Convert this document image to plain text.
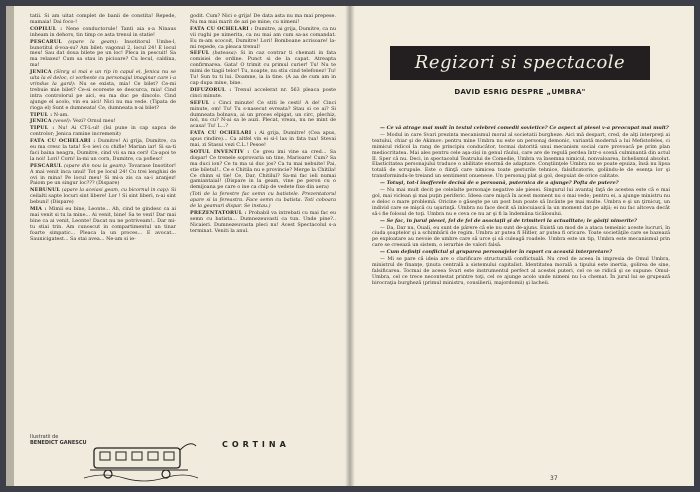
tatii. Si am uitat complet de banii de constita! Repede, mamaia! Dai foco-!

COPILUL : Nene conductorule! Tanti aia s-a Ninaus inheam in dehors, tin timp ce asta trenul in statie!

PESCARUL (spare la geam): Insotitorul Umbe-l, bunotitul d-voa-su? Am bilet: vagonul 2, locul 24! E locul meu! Sau dat doua bilete pe un loc! Pleca in pescuit! Sa ma relaxez! Cum sa stau in picioare? Cu lecul, caldina, ma!

JENICA (Sinrg si mai e un rip in capul ei, Jenica nu se uita la el deloc, ci vorbeste cu personajul imaginar care i-a vrindus la gard): Nu se exista, mia! Ce bilet? Ce-mi trebuie mie bilet? Ce-si ecoreste se descurca, mia! Cind intra controlorul pe aici, eu ma duc pe dincolo. Cind ajunge el acolo, vin eu aici! Nici nu ma vede. (Tipata de rioga el) Sunt e dumneata! Ce, dumneata n-ai bilet?

TIPUL : N-am.

JENICA (vesel): Vezi? Ornul meu!

TIPUL : Nu! Ai CT-L-ul! (Isi pune in cap sapca de controlor; Jenica ramine incremenit)

FATA CU OCHELARI : Dumitre! Ai grija, Dumitre, ca eu ma cresc la tata! S-o ievi cu chifle! Marian iar! Si sa-ti faci baina neagra, Dumitre, cind vii sa ma ceri! Ca-apoi te la noi! Lori! Corn! la-mi un corn, Dumitre, ca pofiesc!

PESCARUL (spare din nou la geam): Tovarase Insotitor! A mai venit inca unul! Tot pe locul 24! Cu trei lenghisi de ovi in mina! Pe locul meu! Si mi-a zis ca sa-i aranjez! Paiom pe un singur loc??? (Dispare)

NEBUNUL (apare la aceiasi geam, cu bicornul in cap): Si ceilalti sapte locuri sint libere! Lor ! Si sint liberi, n-ai sint bebuni! (Dispare)

MIA : Mimii eu bine, Leonte... Ah, cind te gindesc ca ai mai venit si tu la mine... Ai venit, bine! Sa te vezi! Dar mai bine ca ai venit, Leonte! Dacat nu ne potriveam!.. Dar mi-tu stiai trin. Am cunoscut in compartimentul un tinar foarte simpatic... Pleaca la un proces... E avocat... Saunicigatest... Sa stai avea... Ne-am si ie-

godit. Cum? Nici o grija! De data asta nu ma mai prepese. Nu ma mai marit de azi pe mine; cu nimeni!

FATA CU OCHELARI : Dumitre, ai grija, Dumitre, ca nu vii rughi pe nimerita, ca nu mai am cum sa-as comandat. Eu m-am scocoit, Dumitre! Lori! Bomboane acrisoare! la-mi repede, ca pleaca trenul!

SEFUL (bateasa): Si in caz contrar ti chemati in fata comisiei de ordine. Punct si de la capat. Atreapta confirmarea. Gata! O trimit cu primul curier! Tu! Nu te mimi de tiagii telor! Tu, noapte, nu stiu cind telefonez! Tu! Tu! Sun tu ti lui. Doamne, ia la tine. (A aa de cum am in cap dupa mine, bine.

DIFUZORUL : Trenul accelerat nr. 563 pleaca poste cinci minute.

SEFUL : Cinci minute! Ce stiti le cesti! A de! Cinci minute, om! Tu! Tu s-nasecut evreata? Stau si ce ai? Si dumneata bolnava, ai un proces elpigat, un circ, plechiz, nol, nu cu? N-ai sa le auzi. Plecat, vreau, nu ne mint de acasa! Tu! L...?

FATA CU OCHELARI : Ai grija, Dumitre! (Cea apus, apus rindire)... Ca altfel vin ei si-l las in fata tua! Stevai mai, zi Stasui vezi C.L.! Pesoe!

SOTUL INVENTIV : Ce greu imi vine sa cred... Sa dispar! Ce trenele soprovaria un tine, Marioare! Cum? Sa ma duci ion? Ce tu ma ui duc jos? Ca tu mai nebuite! Pai, stie biletul!.. Ce e Chitila nu e provincie? Merge la Chitila! Ce chinn si tie! Ce, Dar, Chitilul? Sa-mi fac ieli numai gamiantaial! (Dispare in la geam, vine pe peron cu o demijoana pe care o ine ca chip de vedete fixe din aera)

(Toti de la ferestre fac semn cu batistele. Prezentatorul apare si la fereastra. Face semn cu batista. Toti coboara de la geamuri dispar. Se instau.)

PREZENTATORUL : Probabil va intrebati cu mai fac eu semn cu batista... Dumnezeuvasti ca tun. Unde pine?.. Nicaieri. Dumnezeuvasta pleci nu! Acest Spectacolul s-a terminat. Veniti la anul.

Ilustratii de
BENEDICT GANESCU	CORTINA
Regizori si spectacole
DAVID ESRIG DESPRE „UMBRA"

— Ce vă atrage mai mult în textul celebrei comedii sovietice? Ce aspect al piesei v-a preocupat mai mult?

— Modul in care Svari prezinta mecanismul moral al societatii burgheze. Aici mă despart, cred, de alţi interpreţi ai textului, chiar şi de Akimov: pentru mine Umbra nu este un personaj demonic, variantă modernă a lui Mefistofeles, ci mimicul ridicol la rang de principiu conducător, tocmai datorită unui mecanism social care provoacă pe prim plan mediocritatea. Mai ales pentru cele aşa-ziși in genul răului, care are de regulă perdea într-o scenă culminantă din actul II. Sper că nu. Deci, in spectacolul Teatrului de Comedie, Umbra va însemna nimicul, nonvaloarea, lichelismul absolut. Elasticitatea personajului traduce o abilitate enormă de adaptare. Conştiinţele Umbra nu se poate epuiza, însă nu lipsa totală de scrupule. Este o fiinţă care nimicea toate gesturile tehnice, falsificatorie, goliindu-le de esenţa lor şi transformindu-le treiand un sentiment onuenese. Un personaj plat şi gol, despuiat de orice calitate.

— Totuşi, tot-l înofferele decisă de o persoană, puternica de a ajunge? Pofta de putere?

— Nu mai mult decit pe celelalte personaje negative ale piesei. Singurul lui avantaj faţă de acestea este că e mai gol, mai viclean şi mai puţin periferic. Ideea care mişcă în acest moment nu o mai vede; pentru ei, a ajunge ministru nu e deloc o mare problemă. Oricine o găseşte pe un post bun poate să încânte pe mai multe. Umbra e şi un ţirnicuţ, un individ care se mişcă cu uşurinţă. Umbra nu face decit să inlocuiască la un moment dat pe alţii; ei nu fac altceva decât să-i fie folosul de toţi. Umbra nu e ceva ce nu ar şi fi la îndemâna ticălosului.

— Se fac, in jurul piesei, fel de fel de asociaţii şi de trimiteri la actualitate; le găsiţi nimerite?

— Da, Dar nu, Ouali, eu sunt de părere că ele nu sunt de-ajuns. Există un mod de a ataca temeinic aceste lucruri, în ciuda şoaptelor şi a schimbării de regim. Umbra ar putea fi Hitler, ar putea fi oricare. Toate societăţile care se bazează pe exploatare au nevoie de umbre care să urce şi să culeagă roadele. Umbra este un tip, Umbra este mecanismul prin care se creează un sistem, o ierarhie de valori falsă.

— Cum definiţi conflictul şi gruparea personajelor în raport cu această interpretare?

— Mi se pare că ideia are o clarificare structurală conflictuală. Nu cred de aceea în impresia de Omul Umbra, ministrul de finanţe, ţinuta centrală a sistemului capitalist. Identitatea morală a tipului este inertia, golirea de sine, falsificarea. Tocmai de aceea Svari este instrumentul perfect al acestei puteri, cel ce se ridică şi se supune: Omul-Umbra, cel ce trece necontestat printre toţi, cel ce ajunge acolo unde nimeni nu l-a chemat. În jurul lui se grupează birocraţia burgheză (primul ministru, consilierii, majordomii) şi lacheii.

37
